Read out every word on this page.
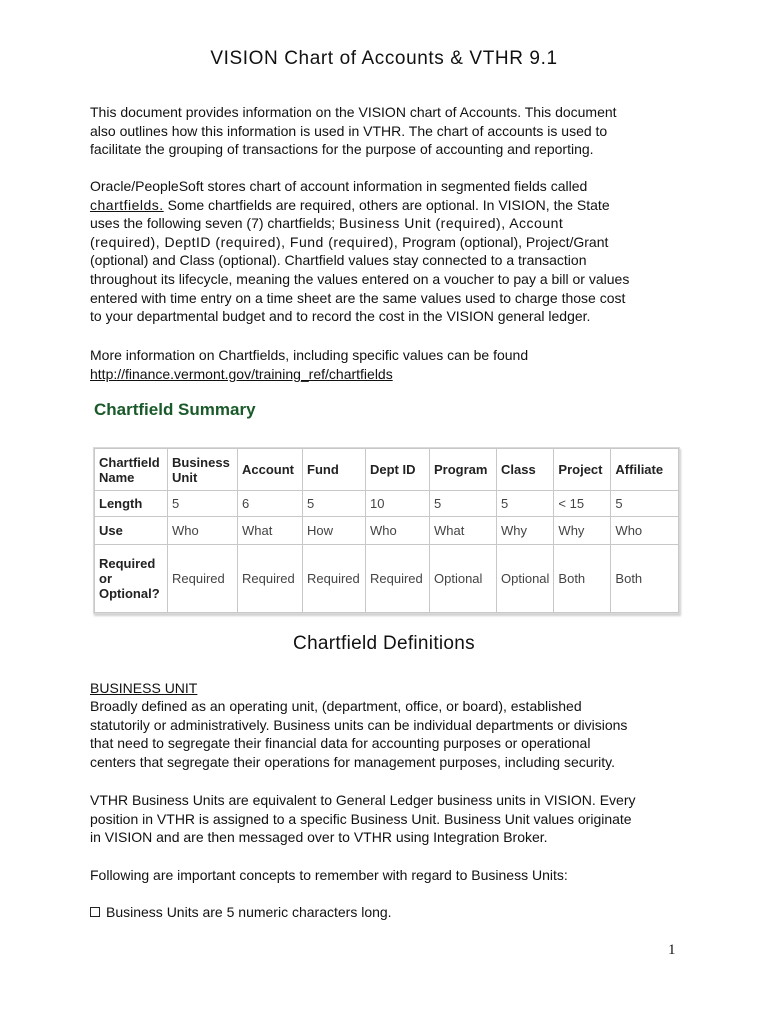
VISION Chart of Accounts & VTHR 9.1

This document provides information on the VISION chart of Accounts. This document

also outlines how this information is used in VTHR. The chart of accounts is used to

facilitate the grouping of transactions for the purpose of accounting and reporting.

Oracle/PeopleSoft stores chart of account information in segmented fields called

chartfields. Some chartfields are required, others are optional. In VISION, the State

uses the following seven (7) chartfields; Business Unit (required), Account

(required), DeptID (required), Fund (required), Program (optional), Project/Grant

(optional) and Class (optional). Chartfield values stay connected to a transaction

throughout its lifecycle, meaning the values entered on a voucher to pay a bill or values

entered with time entry on a time sheet are the same values used to charge those cost

to your departmental budget and to record the cost in the VISION general ledger.

More information on Chartfields, including specific values can be found

http://finance.vermont.gov/training_ref/chartfields

Chartfield Summary
Chartfield Name	Business Unit	Account	Fund	Dept ID	Program	Class	Project	Affiliate
Length	5	6	5	10	5	5	< 15	5
Use	Who	What	How	Who	What	Why	Why	Who
Required or Optional?	Required	Required	Required	Required	Optional	Optional	Both	Both
Chartfield Definitions
BUSINESS UNIT

Broadly defined as an operating unit, (department, office, or board), established

statutorily or administratively. Business units can be individual departments or divisions

that need to segregate their financial data for accounting purposes or operational

centers that segregate their operations for management purposes, including security.

VTHR Business Units are equivalent to General Ledger business units in VISION. Every

position in VTHR is assigned to a specific Business Unit. Business Unit values originate

in VISION and are then messaged over to VTHR using Integration Broker.

Following are important concepts to remember with regard to Business Units:
Business Units are 5 numeric characters long.
1
